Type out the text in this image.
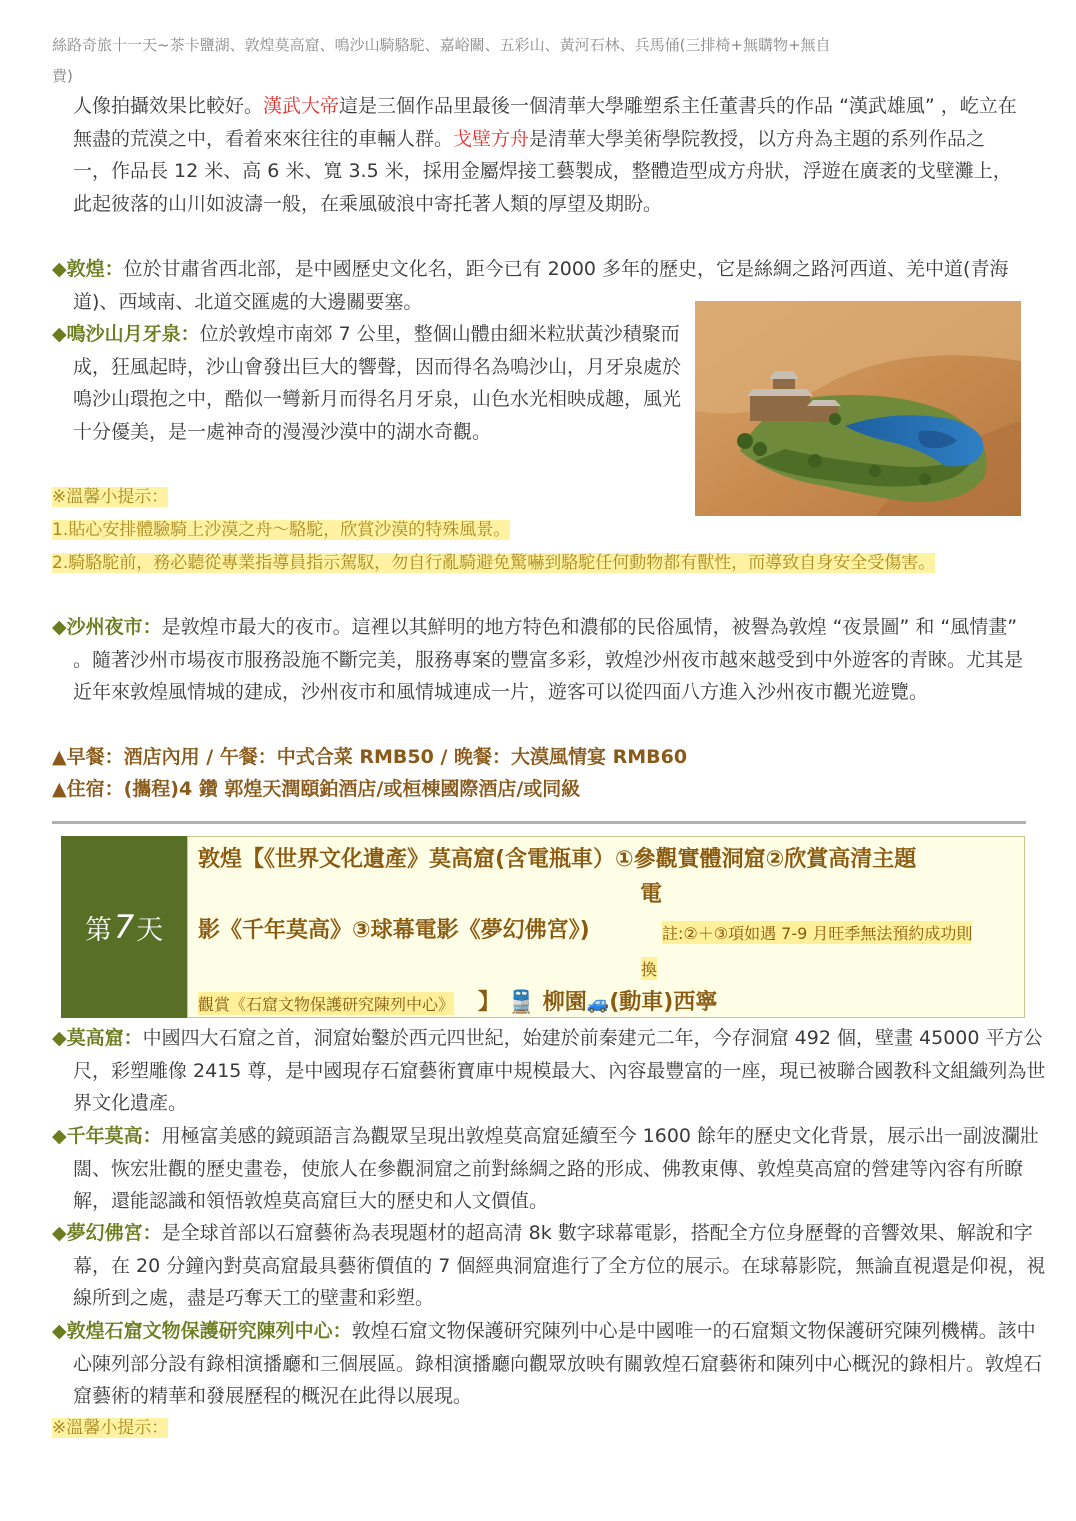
絲路奇旅十一天~茶卡鹽湖、敦煌莫高窟、鳴沙山騎駱駝、嘉峪關、五彩山、黃河石林、兵馬俑(三排椅+無購物+無自
費)
人像拍攝效果比較好。漢武大帝這是三個作品里最後一個清華大學雕塑系主任董書兵的作品 “漢武雄風” ，屹立在無盡的荒漠之中，看着來來往往的車輛人群。戈壁方舟是清華大學美術學院教授，以方舟為主題的系列作品之一，作品長 12 米、高 6 米、寬 3.5 米，採用金屬焊接工藝製成，整體造型成方舟狀，浮遊在廣袤的戈壁灘上，此起彼落的山川如波濤一般，在乘風破浪中寄托著人類的厚望及期盼。
◆敦煌：位於甘肅省西北部，是中國歷史文化名，距今已有 2000 多年的歷史，它是絲綢之路河西道、羌中道(青海道)、西域南、北道交匯處的大邊關要塞。
◆鳴沙山月牙泉：位於敦煌市南郊 7 公里，整個山體由細米粒狀黃沙積聚而成，狂風起時，沙山會發出巨大的響聲，因而得名為鳴沙山，月牙泉處於鳴沙山環抱之中，酷似一彎新月而得名月牙泉，山色水光相映成趣，風光十分優美，是一處神奇的漫漫沙漠中的湖水奇觀。
※溫馨小提示：
1.貼心安排體驗騎上沙漠之舟～駱駝，欣賞沙漠的特殊風景。
2.騎駱駝前，務必聽從專業指導員指示駕馭，勿自行亂騎避免驚嚇到駱駝任何動物都有獸性，而導致自身安全受傷害。
◆沙州夜市：是敦煌市最大的夜市。這裡以其鮮明的地方特色和濃郁的民俗風情，被譽為敦煌 “夜景圖” 和 “風情畫” 。隨著沙州市場夜市服務設施不斷完美，服務專案的豐富多彩，敦煌沙州夜市越來越受到中外遊客的青睞。尤其是近年來敦煌風情城的建成，沙州夜市和風情城連成一片，遊客可以從四面八方進入沙州夜市觀光遊覽。
▲早餐：酒店內用 / 午餐：中式合菜 RMB50 / 晚餐：大漠風情宴 RMB60
▲住宿：(攜程)4 鑽 郭煌天潤頤鉑酒店/或桓棟國際酒店/或同級
第 7 天
敦煌【《世界文化遺產》莫高窟(含電瓶車）①參觀實體洞窟②欣賞高清主題
電
影《千年莫高》③球幕電影《夢幻佛宮》)	註:②＋③項如遇 7-9 月旺季無法預約成功則
換
觀賞《石窟文物保護研究陳列中心》 】 🚆 柳園🚙(動車)西寧
◆莫高窟：中國四大石窟之首，洞窟始鑿於西元四世紀，始建於前秦建元二年，今存洞窟 492 個，壁畫 45000 平方公尺，彩塑雕像 2415 尊，是中國現存石窟藝術寶庫中規模最大、內容最豐富的一座，現已被聯合國教科文組織列為世界文化遺產。
◆千年莫高：用極富美感的鏡頭語言為觀眾呈現出敦煌莫高窟延續至今 1600 餘年的歷史文化背景，展示出一副波瀾壯闊、恢宏壯觀的歷史畫卷，使旅人在參觀洞窟之前對絲綢之路的形成、佛教東傳、敦煌莫高窟的營建等內容有所瞭解，還能認識和領悟敦煌莫高窟巨大的歷史和人文價值。
◆夢幻佛宮：是全球首部以石窟藝術為表現題材的超高清 8k 數字球幕電影，搭配全方位身歷聲的音響效果、解說和字幕，在 20 分鐘內對莫高窟最具藝術價值的 7 個經典洞窟進行了全方位的展示。在球幕影院，無論直視還是仰視，視線所到之處，盡是巧奪天工的壁畫和彩塑。
◆敦煌石窟文物保護研究陳列中心：敦煌石窟文物保護研究陳列中心是中國唯一的石窟類文物保護研究陳列機構。該中心陳列部分設有錄相演播廳和三個展區。錄相演播廳向觀眾放映有關敦煌石窟藝術和陳列中心概況的錄相片。敦煌石窟藝術的精華和發展歷程的概況在此得以展現。
※溫馨小提示：
